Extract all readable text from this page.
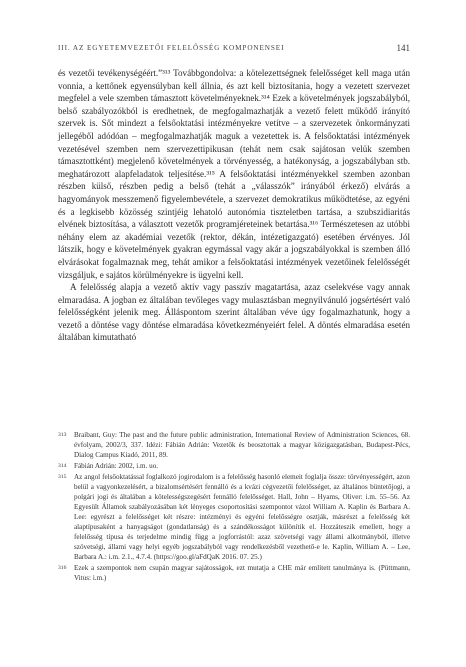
III. AZ EGYETEMVEZETŐI FELELŐSSÉG KOMPONENSEI	141

és vezetői tevékenységéért.”³¹³ Továbbgondolva: a kötelezettségnek felelősséget kell maga után vonnia, a kettőnek egyensúlyban kell állnia, és azt kell biztosítania, hogy a vezetett szervezet megfelel a vele szemben támasztott követelményeknek.³¹⁴ Ezek a követelmények jogszabályból, belső szabályozókból is eredhetnek, de megfogalmazhatják a vezető felett működő irányító szervek is. Sőt mindezt a felsőoktatási intézményekre vetítve – a szervezetek önkormányzati jellegéből adódóan – megfogalmazhatják maguk a vezetettek is. A felsőoktatási intézmények vezetésével szemben nem szervezettipikusan (tehát nem csak sajátosan velük szemben támasztottként) megjelenő követelmények a törvényesség, a hatékonyság, a jogszabályban stb. meghatározott alapfeladatok teljesítése.³¹⁵ A felsőoktatási intézményekkel szemben azonban részben külső, részben pedig a belső (tehát a „válasszók” irányából érkező) elvárás a hagyományok messzemenő figyelembevétele, a szervezet demokratikus működtetése, az egyéni és a legkisebb közösség szintjéig lehatoló autonómia tiszteletben tartása, a szubszidiaritás elvének biztosítása, a választott vezetők programjéreteinek betartása.³¹⁶ Természetesen az utóbbi néhány elem az akadémiai vezetők (rektor, dékán, intézetigazgató) esetében érvényes. Jól látszik, hogy e követelmények gyakran egymással vagy akár a jogszabályokkal is szemben álló elvárásokat fogalmaznak meg, tehát amikor a felsőoktatási intézmények vezetőinek felelősségét vizsgáljuk, e sajátos körülményekre is ügyelni kell.

A felelősség alapja a vezető aktív vagy passzív magatartása, azaz cselekvése vagy annak elmaradása. A jogban ez általában tevőleges vagy mulasztásban megnyilvánuló jogsértésért való felelősségként jelenik meg. Álláspontom szerint általában véve úgy fogalmazhatunk, hogy a vezető a döntése vagy döntése elmaradása következményeiért felel. A döntés elmaradása esetén általában kimutatható

313 Braibant, Guy: The past and the future public administration, International Review of Administration Sciences, 68. évfolyam, 2002/3, 337. Idézi: Fábián Adrián: Vezetők és beosztottak a magyar közigazgatásban, Budapest-Pécs, Dialog Campus Kiadó, 2011, 89.

314 Fábián Adrián: 2002, i.m. uo.

315 Az angol felsőoktatással foglalkozó jogirodalom is a felelősség hasonló elemeit foglalja össze: törvényességért, azon belül a vagyonkezelésért, a bizalomsértésért fennálló és a kvázi cégvezetői felelősséget, az általános büntetőjogi, a polgári jogi és általában a kötelességszegésért fennálló felelősséget. Hall, John – Hyams, Oliver: i.m. 55–56. Az Egyesült Államok szabályozásában két lényeges csoportosítási szempontot vázol William A. Kaplin és Barbara A. Lee: egyrészt a felelősséget két részre: intézményi és egyéni felelősségre osztják, másrészt a felelősség két alaptípusaként a hanyagságot (gondatlanság) és a szándékosságot különítik el. Hozzáteszik emellett, hogy a felelősség típusa és terjedelme mindig függ a jogforrástól: azaz szövetségi vagy állami alkotmányból, illetve szövetségi, állami vagy helyi egyéb jogszabályból vagy rendelkezésből vezethető-e le. Kaplin, William A. – Lee, Barbara A.: i.m. 2.1., 4.7.4. (https://goo.gl/aFdQaK 2016. 07. 25.)

316 Ezek a szempontok nem csupán magyar sajátosságok, ezt mutatja a CHE már említett tanulmánya is. (Püttmann, Vitus: i.m.)
